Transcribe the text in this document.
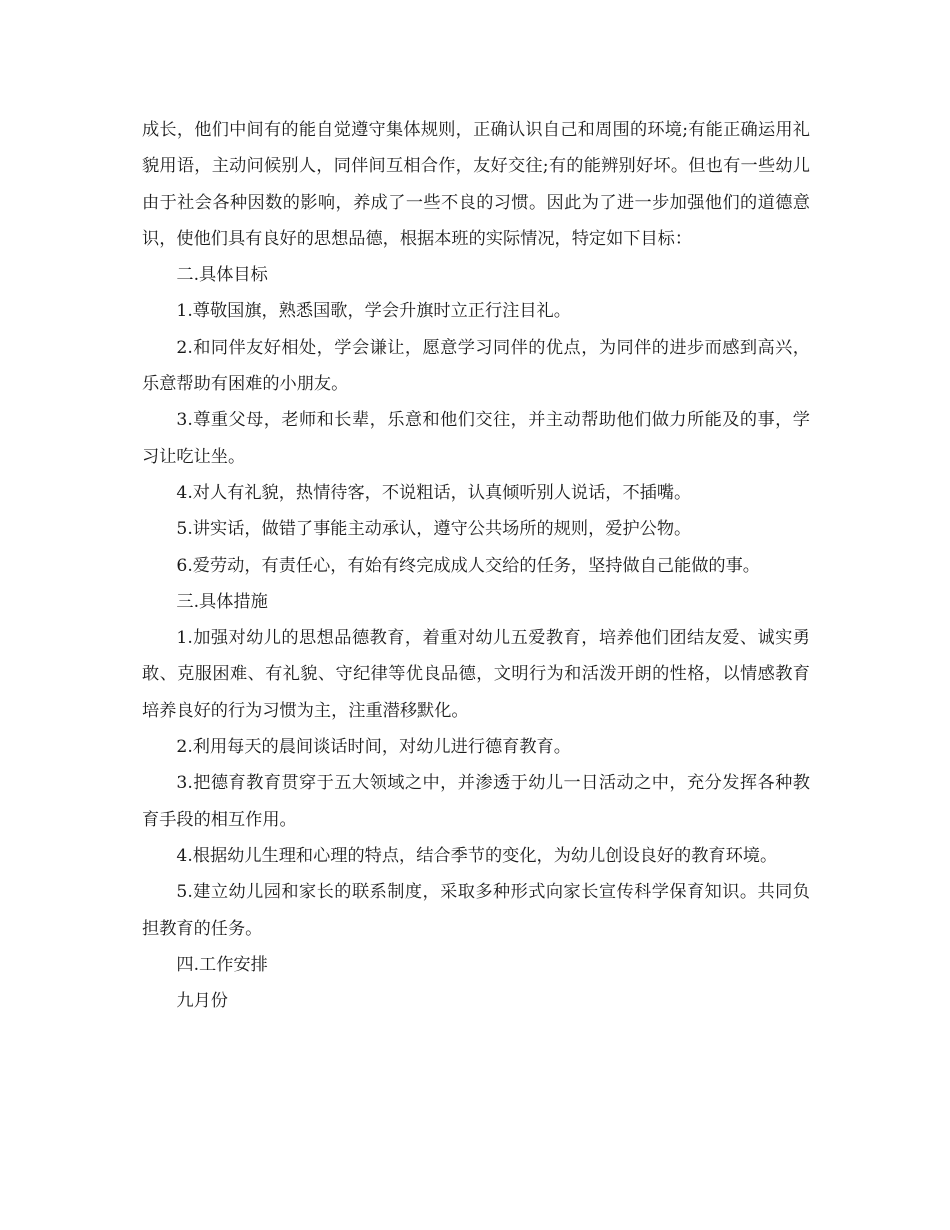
成长，他们中间有的能自觉遵守集体规则，正确认识自己和周围的环境;有能正确运用礼貌用语，主动问候别人，同伴间互相合作，友好交往;有的能辨别好坏。但也有一些幼儿由于社会各种因数的影响，养成了一些不良的习惯。因此为了进一步加强他们的道德意识，使他们具有良好的思想品德，根据本班的实际情况，特定如下目标：

二.具体目标

1.尊敬国旗，熟悉国歌，学会升旗时立正行注目礼。

2.和同伴友好相处，学会谦让，愿意学习同伴的优点，为同伴的进步而感到高兴，乐意帮助有困难的小朋友。

3.尊重父母，老师和长辈，乐意和他们交往，并主动帮助他们做力所能及的事，学习让吃让坐。

4.对人有礼貌，热情待客，不说粗话，认真倾听别人说话，不插嘴。

5.讲实话，做错了事能主动承认，遵守公共场所的规则，爱护公物。

6.爱劳动，有责任心，有始有终完成成人交给的任务，坚持做自己能做的事。

三.具体措施

1.加强对幼儿的思想品德教育，着重对幼儿五爱教育，培养他们团结友爱、诚实勇敢、克服困难、有礼貌、守纪律等优良品德，文明行为和活泼开朗的性格，以情感教育培养良好的行为习惯为主，注重潜移默化。

2.利用每天的晨间谈话时间，对幼儿进行德育教育。

3.把德育教育贯穿于五大领域之中，并渗透于幼儿一日活动之中，充分发挥各种教育手段的相互作用。

4.根据幼儿生理和心理的特点，结合季节的变化，为幼儿创设良好的教育环境。

5.建立幼儿园和家长的联系制度，采取多种形式向家长宣传科学保育知识。共同负担教育的任务。

四.工作安排

九月份
